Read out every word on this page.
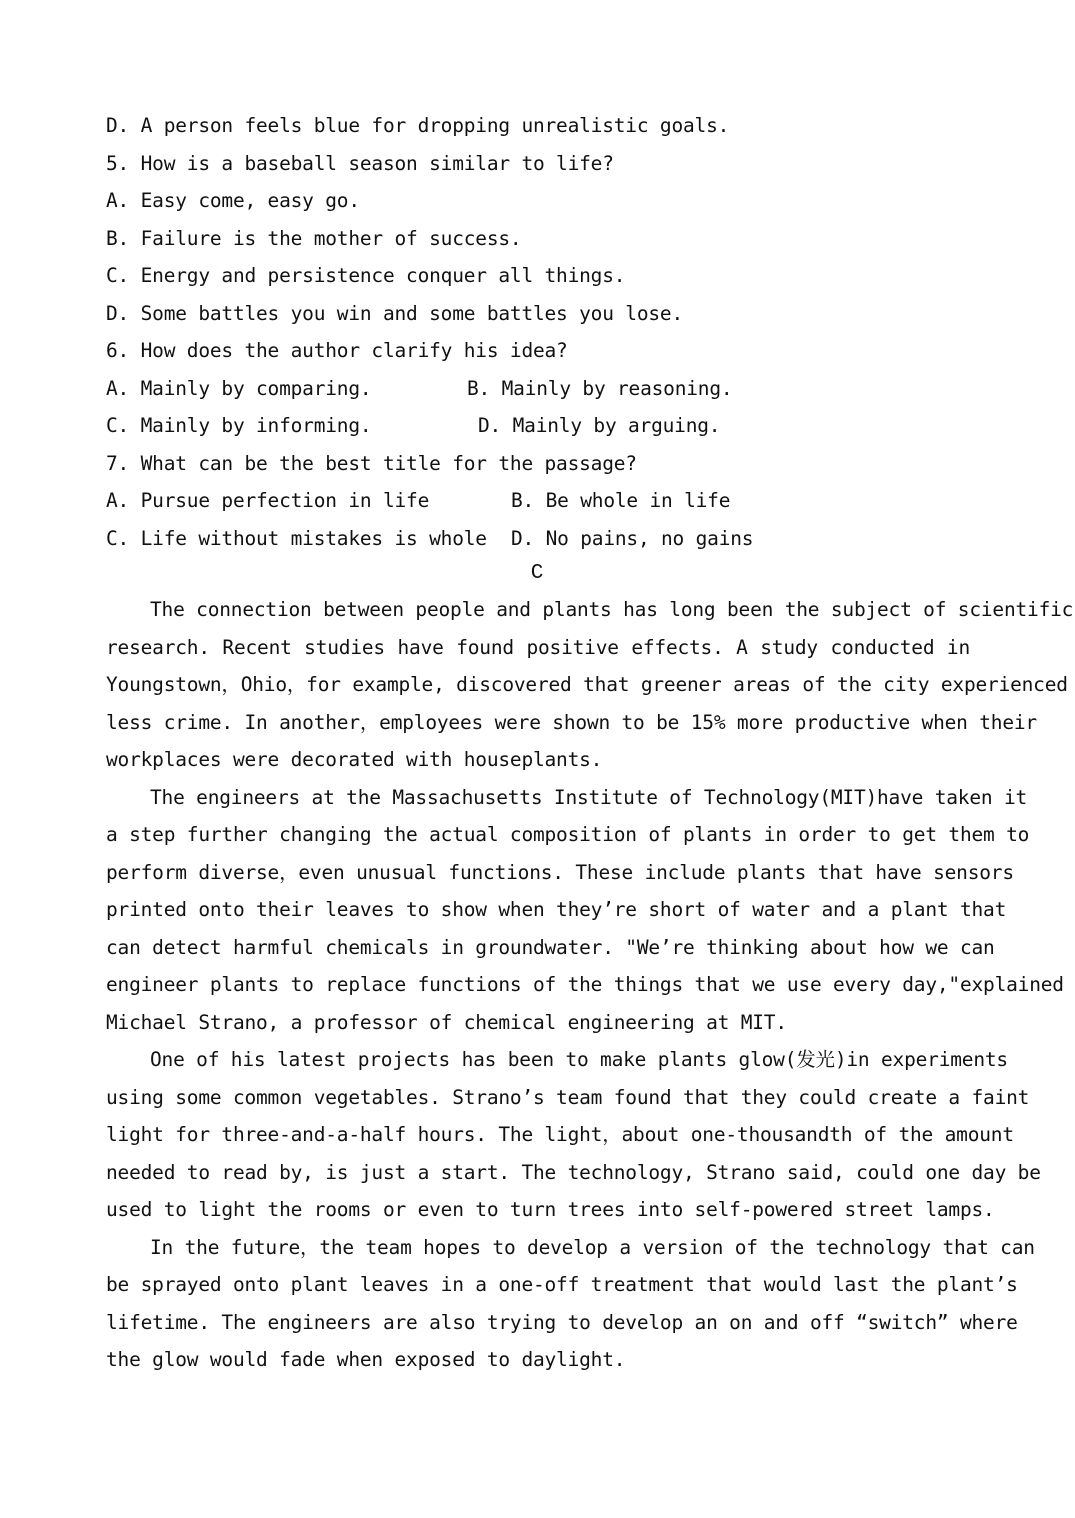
D. A person feels blue for dropping unrealistic goals.
5. How is a baseball season similar to life?
A. Easy come, easy go.
B. Failure is the mother of success.
C. Energy and persistence conquer all things.
D. Some battles you win and some battles you lose.
6. How does the author clarify his idea?
A. Mainly by comparing.	B. Mainly by reasoning.
C. Mainly by informing.	D. Mainly by arguing.
7. What can be the best title for the passage?
A. Pursue perfection in life	B. Be whole in life
C. Life without mistakes is whole	D. No pains, no gains
C
The connection between people and plants has long been the subject of scientific
research. Recent studies have found positive effects. A study conducted in
Youngstown，Ohio，for example, discovered that greener areas of the city experienced
less crime. In another，employees were shown to be 15% more productive when their
workplaces were decorated with houseplants.
The engineers at the Massachusetts Institute of Technology(MIT)have taken it
a step further changing the actual composition of plants in order to get them to
perform diverse，even unusual functions. These include plants that have sensors
printed onto their leaves to show when they’re short of water and a plant that
can detect harmful chemicals in groundwater. "We’re thinking about how we can
engineer plants to replace functions of the things that we use every day,"explained
Michael Strano, a professor of chemical engineering at MIT.
One of his latest projects has been to make plants glow(发光)in experiments
using some common vegetables. Strano’s team found that they could create a faint
light for three-and-a-half hours. The light，about one-thousandth of the amount
needed to read by, is just a start. The technology, Strano said, could one day be
used to light the rooms or even to turn trees into self-powered street lamps.
In the future，the team hopes to develop a version of the technology that can
be sprayed onto plant leaves in a one-off treatment that would last the plant’s
lifetime. The engineers are also trying to develop an on and off “switch” where
the glow would fade when exposed to daylight.
